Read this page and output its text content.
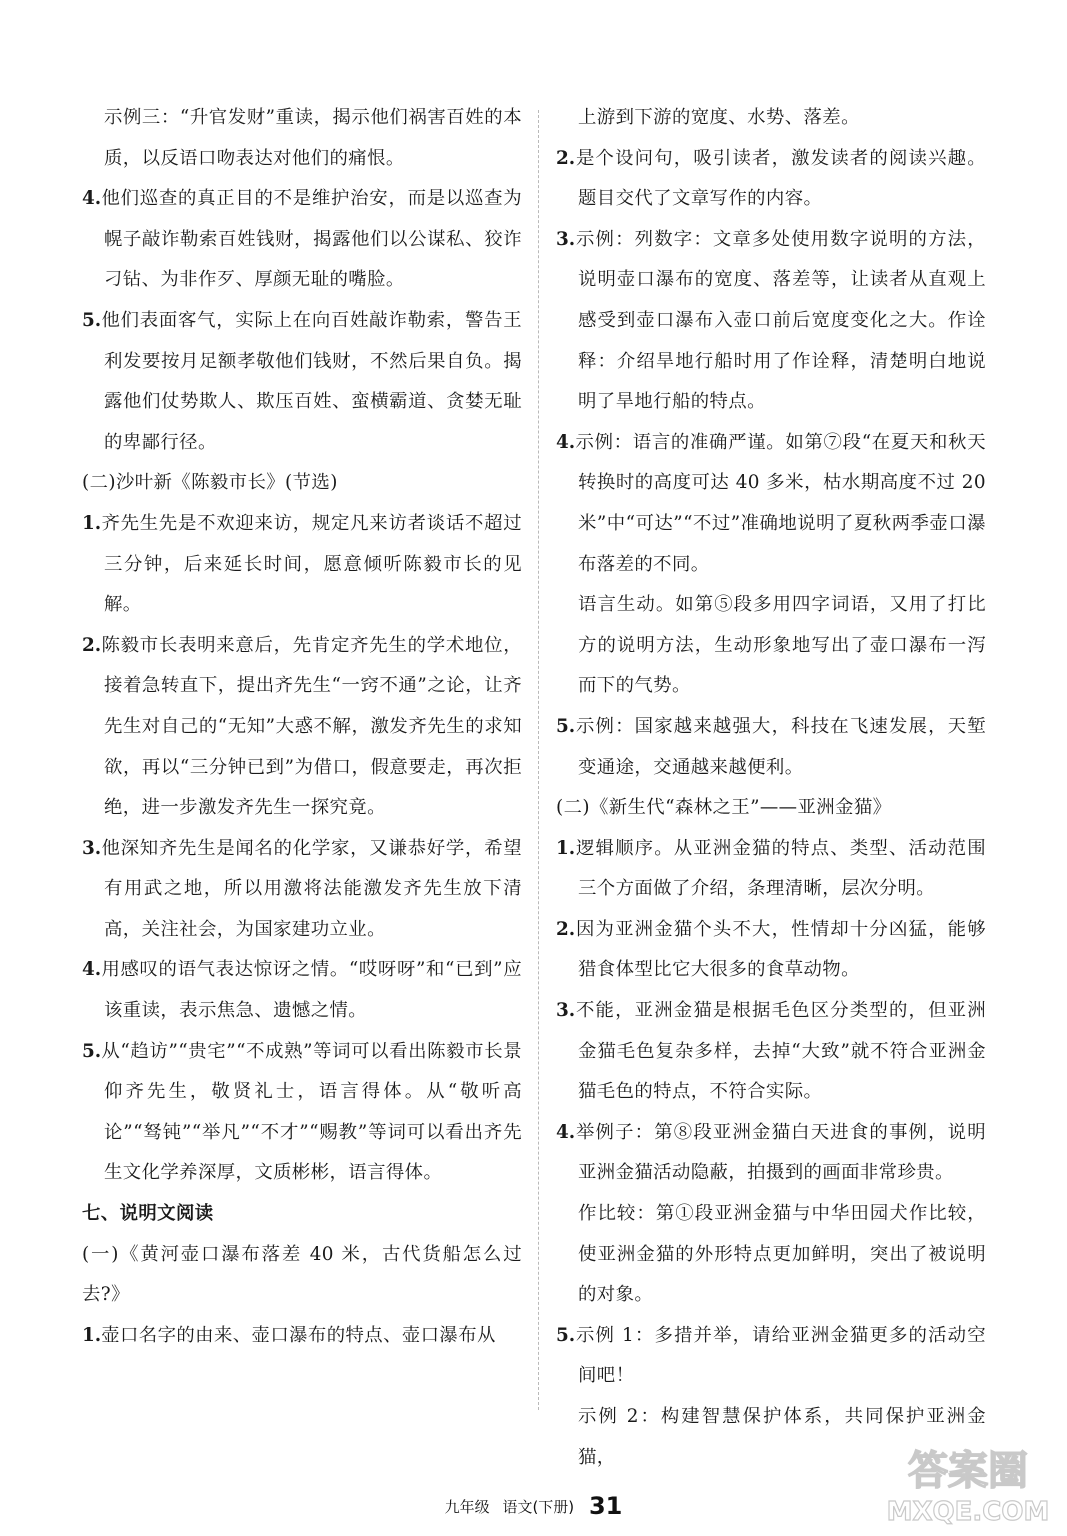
示例三：“升官发财”重读，揭示他们祸害百姓的本质，以反语口吻表达对他们的痛恨。
4.他们巡查的真正目的不是维护治安，而是以巡查为幌子敲诈勒索百姓钱财，揭露他们以公谋私、狡诈刁钻、为非作歹、厚颜无耻的嘴脸。
5.他们表面客气，实际上在向百姓敲诈勒索，警告王利发要按月足额孝敬他们钱财，不然后果自负。揭露他们仗势欺人、欺压百姓、蛮横霸道、贪婪无耻的卑鄙行径。
(二)沙叶新《陈毅市长》(节选)
1.齐先生先是不欢迎来访，规定凡来访者谈话不超过三分钟，后来延长时间，愿意倾听陈毅市长的见解。
2.陈毅市长表明来意后，先肯定齐先生的学术地位，接着急转直下，提出齐先生“一窍不通”之论，让齐先生对自己的“无知”大惑不解，激发齐先生的求知欲，再以“三分钟已到”为借口，假意要走，再次拒绝，进一步激发齐先生一探究竟。
3.他深知齐先生是闻名的化学家，又谦恭好学，希望有用武之地，所以用激将法能激发齐先生放下清高，关注社会，为国家建功立业。
4.用感叹的语气表达惊讶之情。“哎呀呀”和“已到”应该重读，表示焦急、遗憾之情。
5.从“趋访”“贵宅”“不成熟”等词可以看出陈毅市长景仰齐先生，敬贤礼士，语言得体。从“敬听高论”“驽钝”“举凡”“不才”“赐教”等词可以看出齐先生文化学养深厚，文质彬彬，语言得体。
七、说明文阅读
(一)《黄河壶口瀑布落差 40 米，古代货船怎么过去?》
1.壶口名字的由来、壶口瀑布的特点、壶口瀑布从
上游到下游的宽度、水势、落差。
2.是个设问句，吸引读者，激发读者的阅读兴趣。题目交代了文章写作的内容。
3.示例：列数字：文章多处使用数字说明的方法，说明壶口瀑布的宽度、落差等，让读者从直观上感受到壶口瀑布入壶口前后宽度变化之大。作诠释：介绍旱地行船时用了作诠释，清楚明白地说明了旱地行船的特点。
4.示例：语言的准确严谨。如第⑦段“在夏天和秋天转换时的高度可达 40 多米，枯水期高度不过 20 米”中“可达”“不过”准确地说明了夏秋两季壶口瀑布落差的不同。
语言生动。如第⑤段多用四字词语，又用了打比方的说明方法，生动形象地写出了壶口瀑布一泻而下的气势。
5.示例：国家越来越强大，科技在飞速发展，天堑变通途，交通越来越便利。
(二)《新生代“森林之王”——亚洲金猫》
1.逻辑顺序。从亚洲金猫的特点、类型、活动范围三个方面做了介绍，条理清晰，层次分明。
2.因为亚洲金猫个头不大，性情却十分凶猛，能够猎食体型比它大很多的食草动物。
3.不能，亚洲金猫是根据毛色区分类型的，但亚洲金猫毛色复杂多样，去掉“大致”就不符合亚洲金猫毛色的特点，不符合实际。
4.举例子：第⑧段亚洲金猫白天进食的事例，说明亚洲金猫活动隐蔽，拍摄到的画面非常珍贵。
作比较：第①段亚洲金猫与中华田园犬作比较，使亚洲金猫的外形特点更加鲜明，突出了被说明的对象。
5.示例 1：多措并举，请给亚洲金猫更多的活动空间吧！
示例 2：构建智慧保护体系，共同保护亚洲金猫，
九年级 语文(下册) 31
答案圈
MXQE.COM
